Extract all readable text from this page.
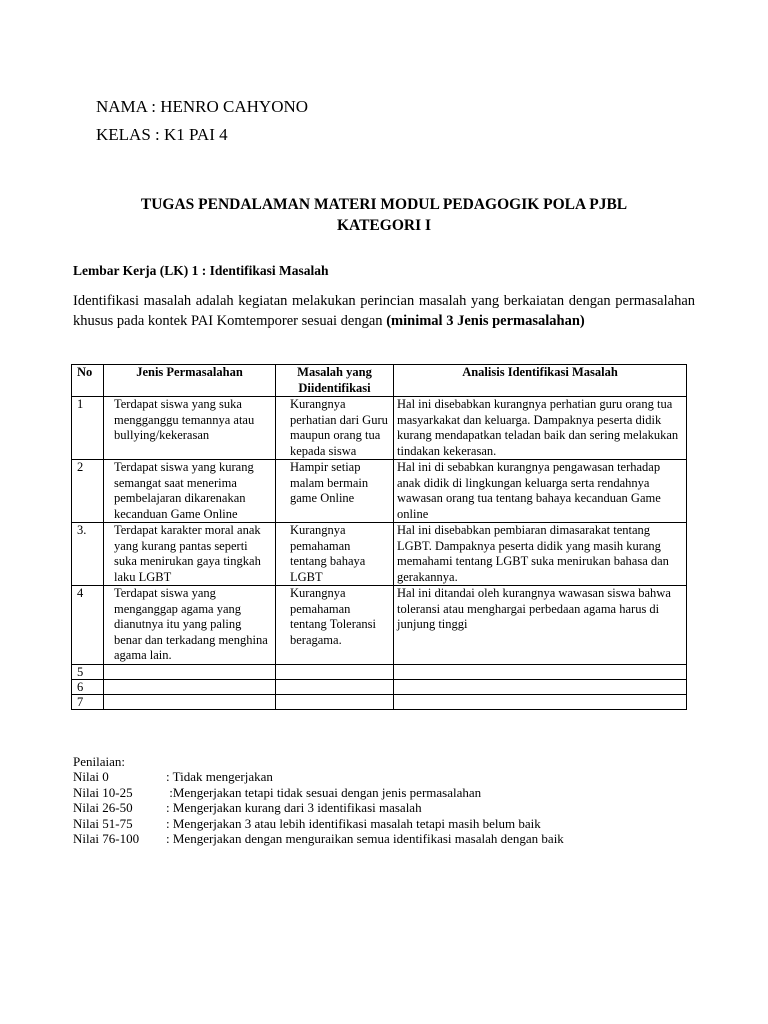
NAMA : HENRO CAHYONO
KELAS : K1 PAI 4
TUGAS PENDALAMAN MATERI MODUL PEDAGOGIK POLA PJBL
KATEGORI I
Lembar Kerja (LK) 1 : Identifikasi Masalah
Identifikasi masalah adalah kegiatan melakukan perincian masalah yang berkaiatan dengan permasalahan khusus pada kontek PAI Komtemporer sesuai dengan (minimal 3 Jenis permasalahan)
No	Jenis Permasalahan	Masalah yang Diidentifikasi	Analisis Identifikasi Masalah
1	Terdapat siswa yang suka mengganggu temannya atau bullying/kekerasan	Kurangnya perhatian dari Guru maupun orang tua kepada siswa	Hal ini disebabkan kurangnya perhatian guru orang tua masyarkakat dan keluarga. Dampaknya peserta didik kurang mendapatkan teladan baik dan sering melakukan tindakan kekerasan.
2	Terdapat siswa yang kurang semangat saat menerima pembelajaran dikarenakan kecanduan Game Online	Hampir setiap malam bermain game Online	Hal ini di sebabkan kurangnya pengawasan terhadap anak didik di lingkungan keluarga serta rendahnya wawasan orang tua tentang bahaya kecanduan Game online
3.	Terdapat karakter moral anak yang kurang pantas seperti suka menirukan gaya tingkah laku LGBT	Kurangnya pemahaman tentang bahaya LGBT	Hal ini disebabkan pembiaran dimasarakat tentang LGBT. Dampaknya peserta didik yang masih kurang memahami tentang LGBT suka menirukan bahasa dan gerakannya.
4	Terdapat siswa yang menganggap agama yang dianutnya itu yang paling benar dan terkadang menghina agama lain.	Kurangnya pemahaman tentang Toleransi beragama.	Hal ini ditandai oleh kurangnya wawasan siswa bahwa toleransi atau menghargai perbedaan agama harus di junjung tinggi
5			
6			
7			
Penilaian:
Nilai 0	: Tidak mengerjakan
Nilai 10-25	:Mengerjakan tetapi tidak sesuai dengan jenis permasalahan
Nilai 26-50	: Mengerjakan kurang dari 3 identifikasi masalah
Nilai 51-75	: Mengerjakan 3 atau lebih identifikasi masalah tetapi masih belum baik
Nilai 76-100	: Mengerjakan dengan menguraikan semua identifikasi masalah dengan baik
